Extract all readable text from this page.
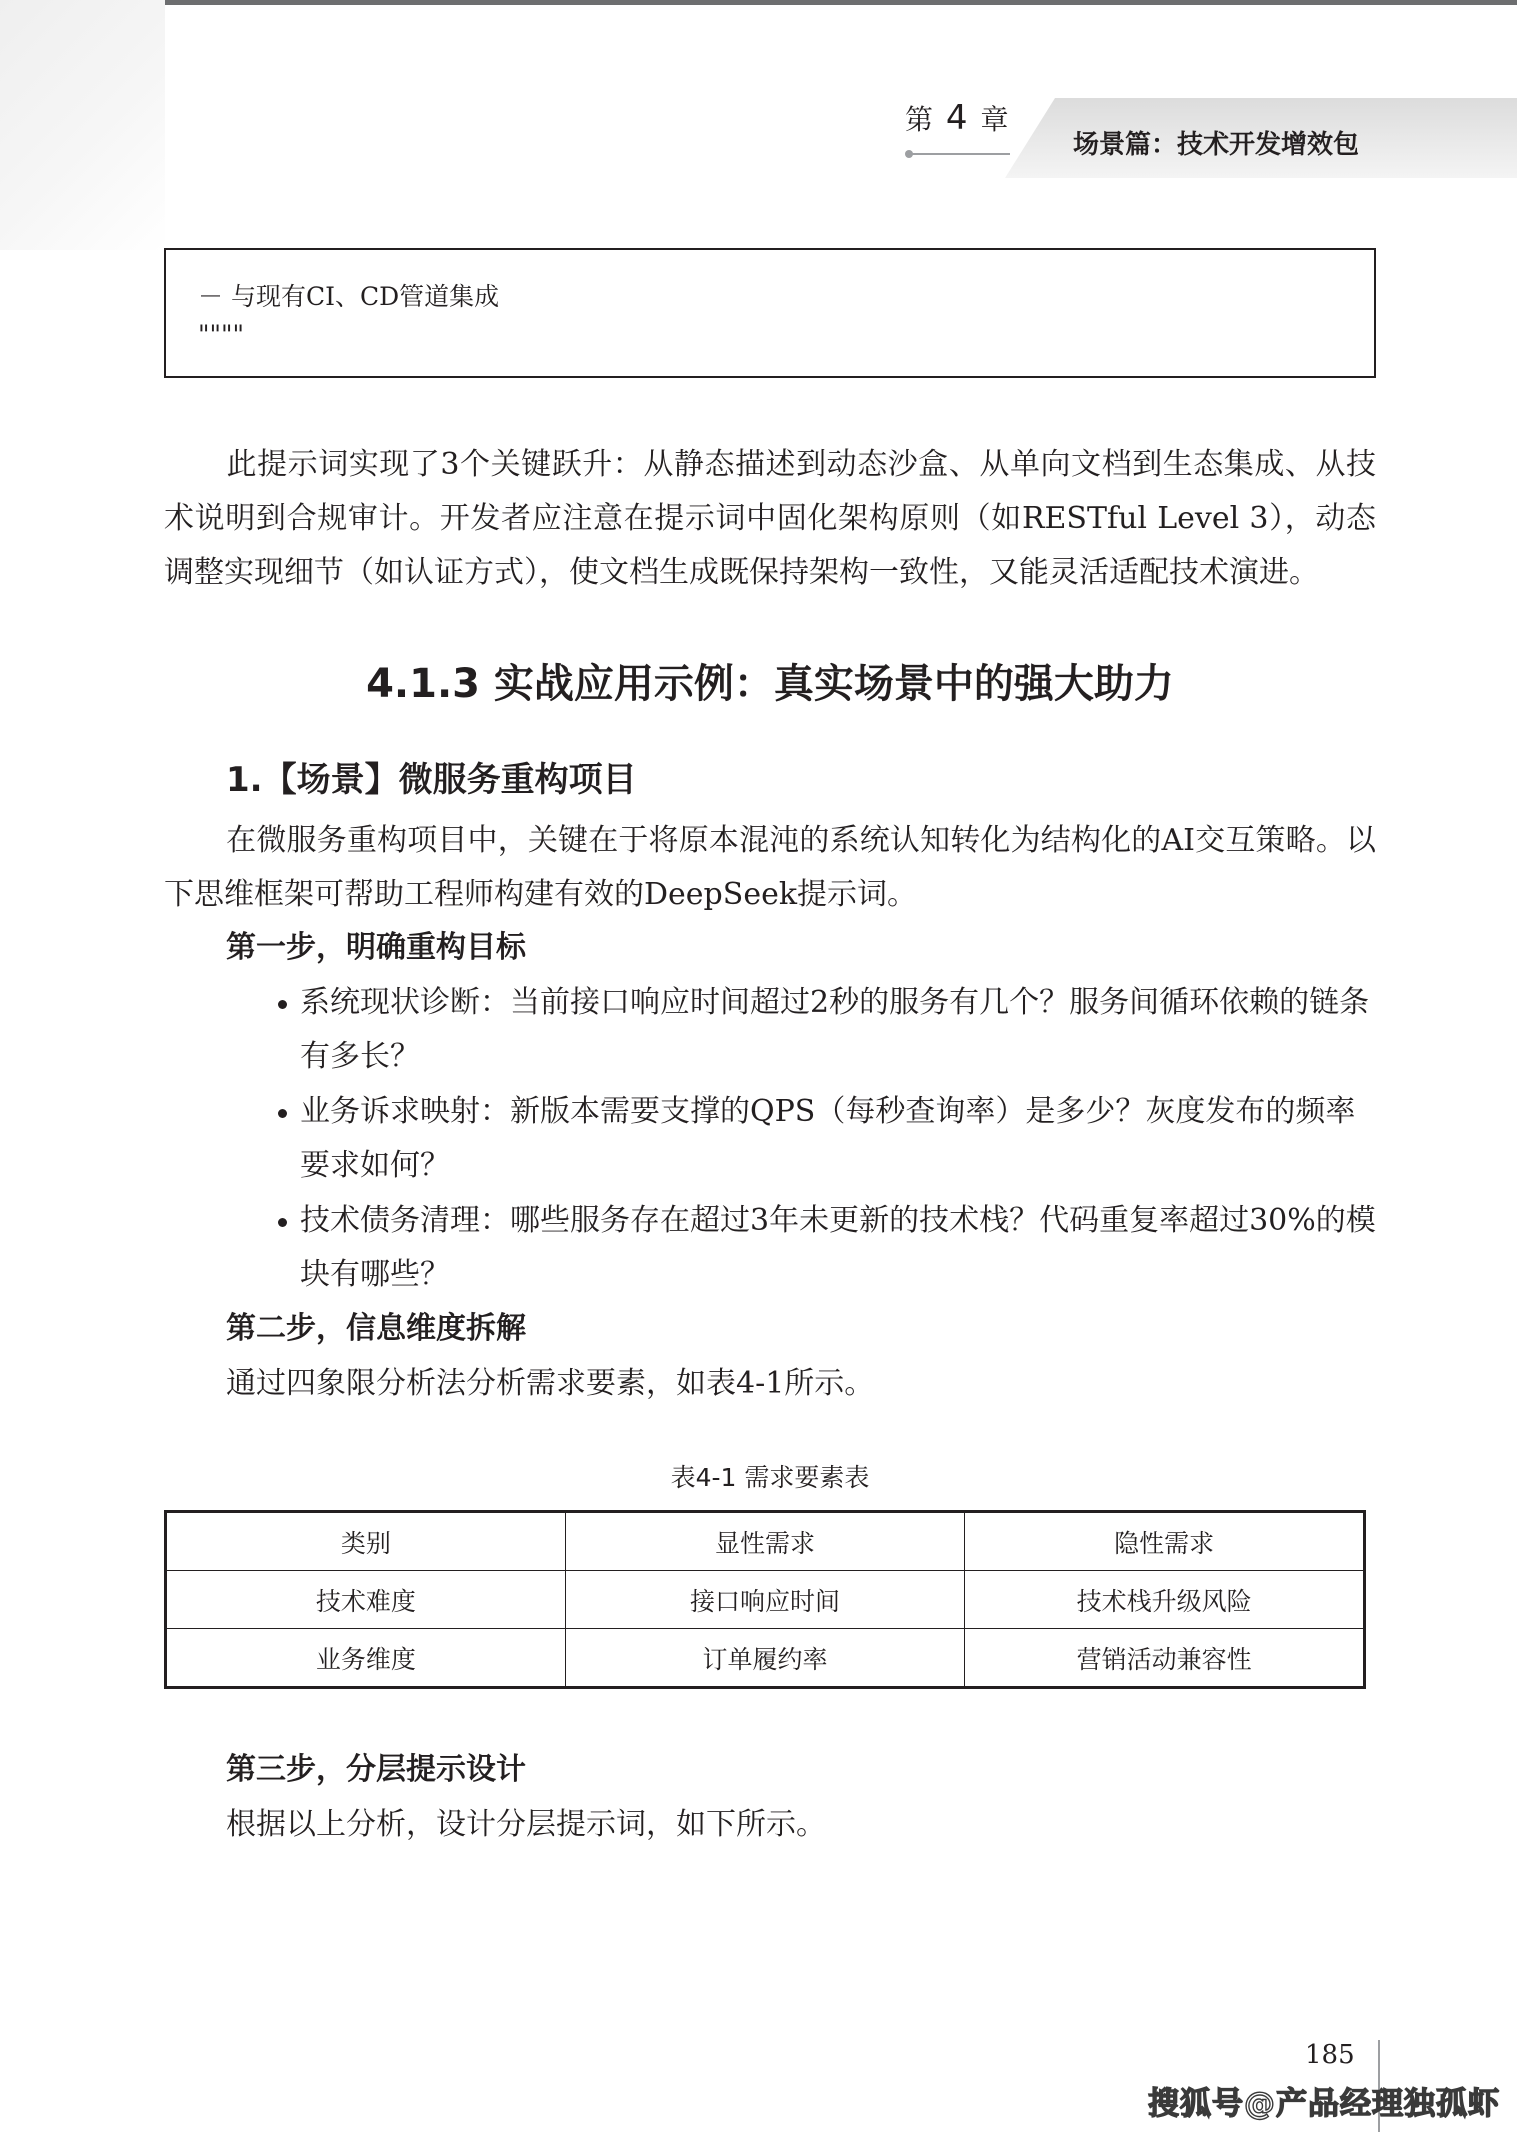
第 4 章
场景篇：技术开发增效包
－ 与现有CI、CD管道集成
""""

此提示词实现了3个关键跃升：从静态描述到动态沙盒、从单向文档到生态集成、从技术说明到合规审计。开发者应注意在提示词中固化架构原则（如RESTful Level 3），动态调整实现细节（如认证方式），使文档生成既保持架构一致性，又能灵活适配技术演进。

4.1.3 实战应用示例：真实场景中的强大助力
1.【场景】微服务重构项目

在微服务重构项目中，关键在于将原本混沌的系统认知转化为结构化的AI交互策略。以下思维框架可帮助工程师构建有效的DeepSeek提示词。

第一步，明确重构目标

系统现状诊断：当前接口响应时间超过2秒的服务有几个？服务间循环依赖的链条有多长？

业务诉求映射：新版本需要支撑的QPS（每秒查询率）是多少？灰度发布的频率要求如何？

技术债务清理：哪些服务存在超过3年未更新的技术栈？代码重复率超过30%的模块有哪些？

第二步，信息维度拆解

通过四象限分析法分析需求要素，如表4-1所示。

表4-1 需求要素表
类别	显性需求	隐性需求
技术难度	接口响应时间	技术栈升级风险
业务维度	订单履约率	营销活动兼容性
第三步，分层提示设计

根据以上分析，设计分层提示词，如下所示。

185
搜狐号@产品经理独孤虾
